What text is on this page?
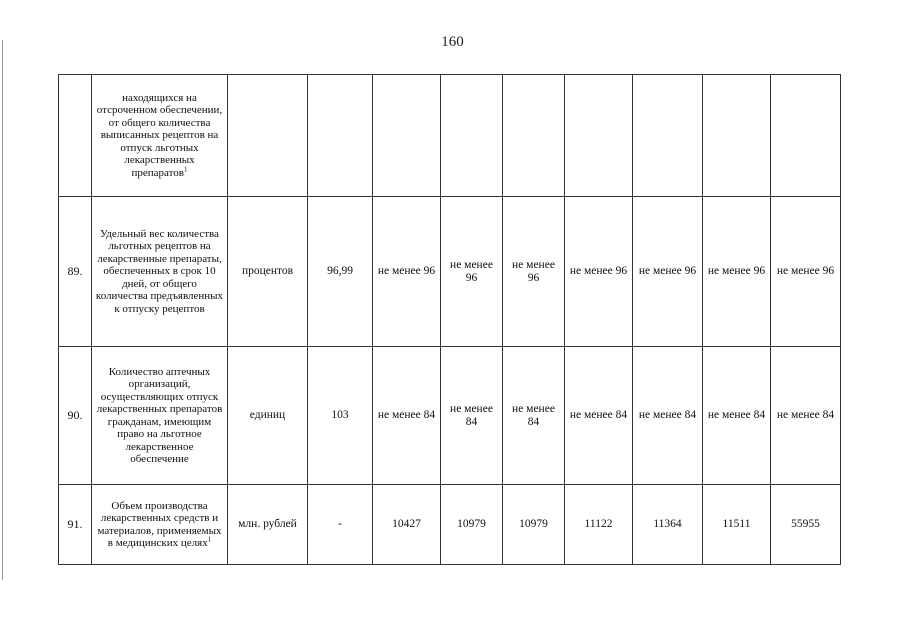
160
	находящихся на отсроченном обеспечении, от общего количества выписанных рецептов на отпуск льготных лекарственных препаратов$^1$									
89.	Удельный вес количества льготных рецептов на лекарственные препараты, обеспеченных в срок 10 дней, от общего количества предъявленных к отпуску рецептов	процентов	96,99	не менее 96	не менее 96	не менее 96	не менее 96	не менее 96	не менее 96	не менее 96
90.	Количество аптечных организаций, осуществляющих отпуск лекарственных препаратов гражданам, имеющим право на льготное лекарственное обеспечение	единиц	103	не менее 84	не менее 84	не менее 84	не менее 84	не менее 84	не менее 84	не менее 84
91.	Объем производства лекарственных средств и материалов, применяемых в медицинских целях$^1$	млн. рублей	-	10427	10979	10979	11122	11364	11511	55955
